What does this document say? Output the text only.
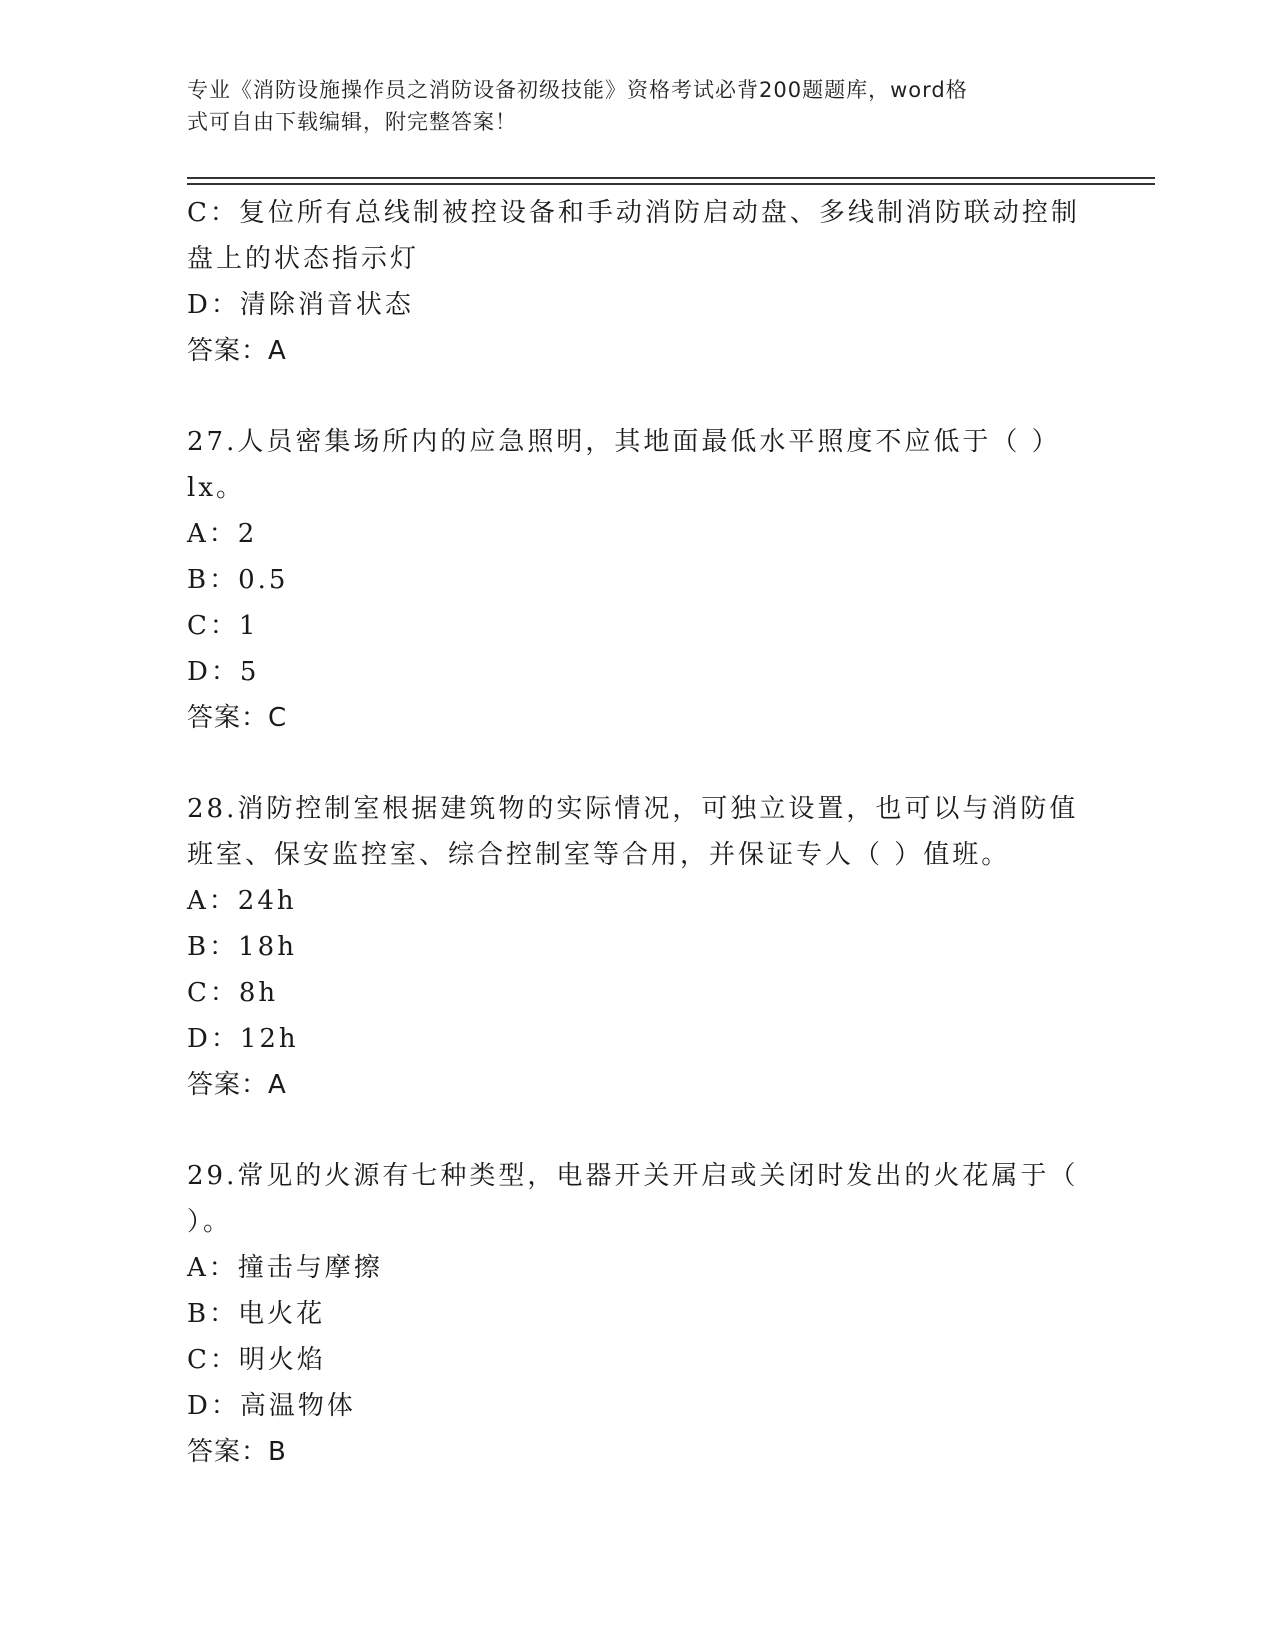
专业《消防设施操作员之消防设备初级技能》资格考试必背200题题库，word格
式可自由下载编辑，附完整答案！
C：复位所有总线制被控设备和手动消防启动盘、多线制消防联动控制
盘上的状态指示灯
D：清除消音状态
答案：A
27.人员密集场所内的应急照明，其地面最低水平照度不应低于（ ）
lx。
A：2
B：0.5
C：1
D：5
答案：C
28.消防控制室根据建筑物的实际情况，可独立设置，也可以与消防值
班室、保安监控室、综合控制室等合用，并保证专人（ ）值班。
A：24h
B：18h
C：8h
D：12h
答案：A
29.常见的火源有七种类型，电器开关开启或关闭时发出的火花属于（
）。
A：撞击与摩擦
B：电火花
C：明火焰
D：高温物体
答案：B
